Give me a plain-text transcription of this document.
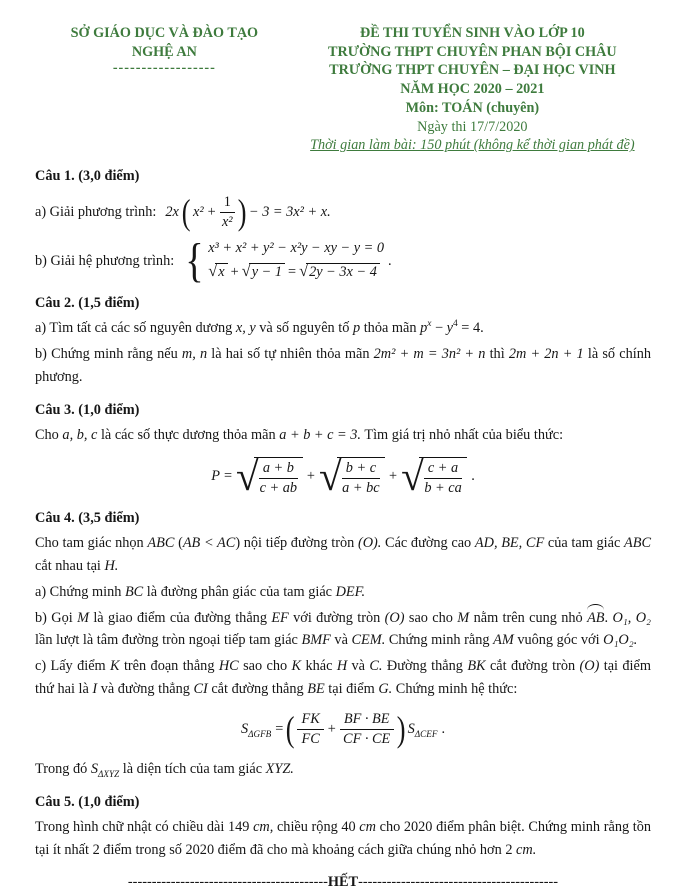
SỞ GIÁO DỤC VÀ ĐÀO TẠO
NGHỆ AN
------------------
ĐỀ THI TUYỂN SINH VÀO LỚP 10
TRƯỜNG THPT CHUYÊN PHAN BỘI CHÂU
TRƯỜNG THPT CHUYÊN – ĐẠI HỌC VINH
NĂM HỌC 2020 – 2021
Môn: TOÁN (chuyên)
Ngày thi 17/7/2020
Thời gian làm bài: 150 phút (không kể thời gian phát đề)
Câu 1. (3,0 điểm)
a) Giải phương trình: 2x ( $x^2 + \frac{1}{\text{x²}}$ ) − 3 = 3x² + x.
b) Giải hệ phương trình: { x³ + x² + y² − x²y − xy − y = 0
√ x + √ y − 1 = √ 2y − 3x − 4
.
Câu 2. (1,5 điểm)

a) Tìm tất cả các số nguyên dương x, y và số nguyên tố p thỏa mãn $p^x - y^4 = 4$.

b) Chứng minh rằng nếu m, n là hai số tự nhiên thỏa mãn 2m² + m = 3n² + n thì 2m + 2n + 1 là số chính phương.

Câu 3. (1,0 điểm)

Cho a, b, c là các số thực dương thỏa mãn a + b + c = 3. Tìm giá trị nhỏ nhất của biểu thức:

P = √ $\frac{a + b}{c + ab}$ + √ $\frac{b + c}{a + bc}$ + √ $\frac{c + a}{b + ca}$ .
Câu 4. (3,5 điểm)

Cho tam giác nhọn ABC (AB < AC) nội tiếp đường tròn (O). Các đường cao AD, BE, CF của tam giác ABC cắt nhau tại H.

a) Chứng minh BC là đường phân giác của tam giác DEF.

b) Gọi M là giao điểm của đường thẳng EF với đường tròn (O) sao cho M nằm trên cung nhỏ AB. O₁, O₂ lần lượt là tâm đường tròn ngoại tiếp tam giác BMF và CEM. Chứng minh rằng AM vuông góc với O₁O₂.

c) Lấy điểm K trên đoạn thẳng HC sao cho K khác H và C. Đường thẳng BK cắt đường tròn (O) tại điểm thứ hai là I và đường thẳng CI cắt đường thẳng BE tại điểm G. Chứng minh hệ thức:

$S_{\Delta GFB}$ = ( $\frac{FK}{FC} + \frac{BF \cdot BE}{CF \cdot CE}$ ) $S_{\Delta CEF}$ .

Trong đó $S_{\Delta XYZ}$ là diện tích của tam giác XYZ.

Câu 5. (1,0 điểm)

Trong hình chữ nhật có chiều dài 149 cm, chiều rộng 40 cm cho 2020 điểm phân biệt. Chứng minh rằng tồn tại ít nhất 2 điểm trong số 2020 điểm đã cho mà khoảng cách giữa chúng nhỏ hơn 2 cm.

------------------------------------------HẾT------------------------------------------
